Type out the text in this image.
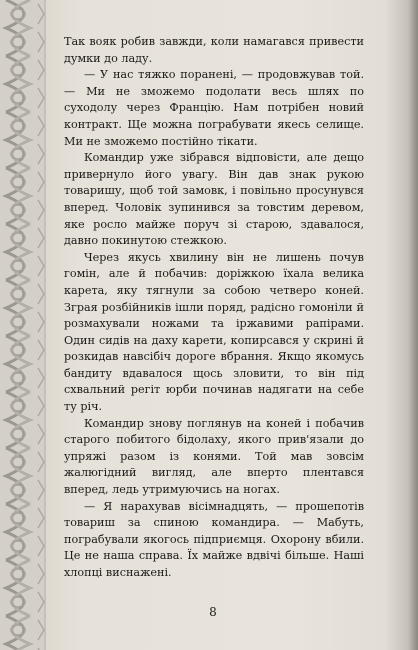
Так вояк робив завжди, коли намагався привести думки до ладу.

— У нас тяжко поранені, — продовжував той. — Ми не зможемо подолати весь шлях по суходолу через Францію. Нам потрібен новий контракт. Ще можна пограбувати якесь селище. Ми не зможемо постійно тікати.

Командир уже зібрався відповісти, але дещо привернуло його увагу. Він дав знак рукою товаришу, щоб той замовк, і повільно просунувся вперед. Чоловік зупинився за товстим деревом, яке росло майже поруч зі старою, здавалося, давно покинутою стежкою.

Через якусь хвилину він не лишень почув гомін, але й побачив: доріжкою їхала велика карета, яку тягнули за собою четверо коней. Зграя розбійників ішли поряд, радісно гомоніли й розмахували ножами та іржавими рапірами. Один сидів на даху карети, копирсався у скрині й розкидав навсібіч дороге вбрання. Якщо якомусь бандиту вдавалося щось зловити, то він під схвальний регіт юрби починав надягати на себе ту річ.

Командир знову поглянув на коней і побачив старого побитого бідолаху, якого прив'язали до упряжі разом із конями. Той мав зовсім жалюгідний вигляд, але вперто плентався вперед, ледь утримуючись на ногах.

— Я нарахував вісімнадцять, — прошепотів товариш за спиною командира. — Мабуть, пограбували якогось підприємця. Охорону вбили. Це не наша справа. Їх майже вдвічі більше. Наші хлопці виснажені.

8
